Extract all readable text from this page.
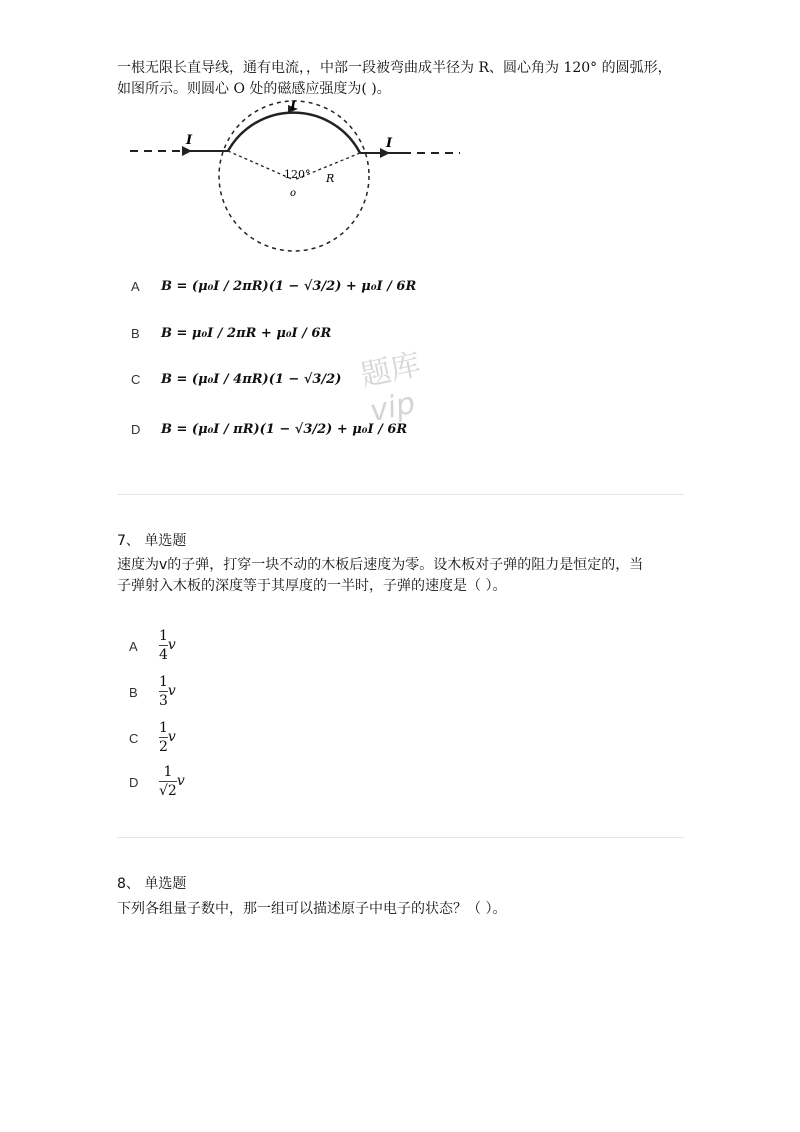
一根无限长直导线，通有电流，，中部一段被弯曲成半径为 R、圆心角为 120° 的圆弧形，
如图所示。则圆心 O 处的磁感应强度为( )。
I
I
I
120° R
o
题库
vip
A B = (μ₀I / 2πR)(1 − √3/2) + μ₀I / 6R
B B = μ₀I / 2πR + μ₀I / 6R
C B = (μ₀I / 4πR)(1 − √3/2)
D B = (μ₀I / πR)(1 − √3/2) + μ₀I / 6R
7、 单选题
速度为v的子弹，打穿一块不动的木板后速度为零。设木板对子弹的阻力是恒定的，当
子弹射入木板的深度等于其厚度的一半时，子弹的速度是（ ）。
A $\frac{1}{4}$ v
B $\frac{1}{3}$ v
C $\frac{1}{2}$ v
D $\frac{1}{√2}$ v
8、 单选题
下列各组量子数中，那一组可以描述原子中电子的状态？（ ）。
